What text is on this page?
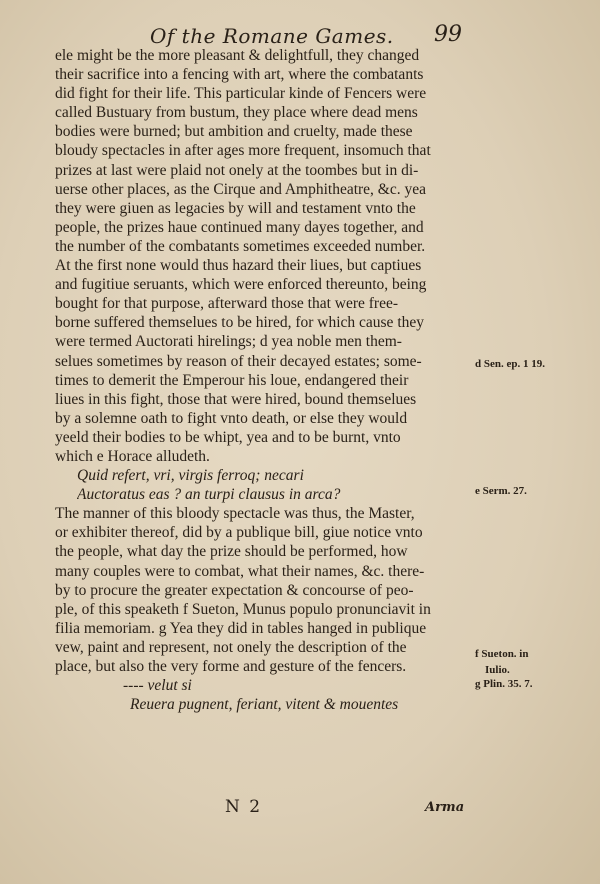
Of the Romane Games. 99
ele might be the more pleasant & delightfull, they changed
their sacrifice into a fencing with art, where the combatants
did fight for their life. This particular kinde of Fencers were
called Bustuary from bustum, they place where dead mens
bodies were burned; but ambition and cruelty, made these
bloudy spectacles in after ages more frequent, insomuch that
prizes at last were plaid not onely at the toombes but in di-
uerse other places, as the Cirque and Amphitheatre, &c. yea
they were giuen as legacies by will and testament vnto the
people, the prizes haue continued many dayes together, and
the number of the combatants sometimes exceeded number.
At the first none would thus hazard their liues, but captiues
and fugitiue seruants, which were enforced thereunto, being
bought for that purpose, afterward those that were free-
borne suffered themselues to be hired, for which cause they
were termed Auctorati hirelings; d yea noble men them-
selues sometimes by reason of their decayed estates; some-
times to demerit the Emperour his loue, endangered their
liues in this fight, those that were hired, bound themselues
by a solemne oath to fight vnto death, or else they would
yeeld their bodies to be whipt, yea and to be burnt, vnto
which e Horace alludeth.
Quid refert, vri, virgis ferroq; necari
Auctoratus eas ? an turpi clausus in arca?
The manner of this bloody spectacle was thus, the Master,
or exhibiter thereof, did by a publique bill, giue notice vnto
the people, what day the prize should be performed, how
many couples were to combat, what their names, &c. there-
by to procure the greater expectation & concourse of peo-
ple, of this speaketh f Sueton, Munus populo pronunciavit in
filia memoriam. g Yea they did in tables hanged in publique
vew, paint and represent, not onely the description of the
place, but also the very forme and gesture of the fencers.
---- velut si
Reuera pugnent, feriant, vitent & mouentes
d Sen. ep. 1 19.
e Serm. 27.
f Sueton. in
Iulio.
g Plin. 35. 7.
N 2	Arma
